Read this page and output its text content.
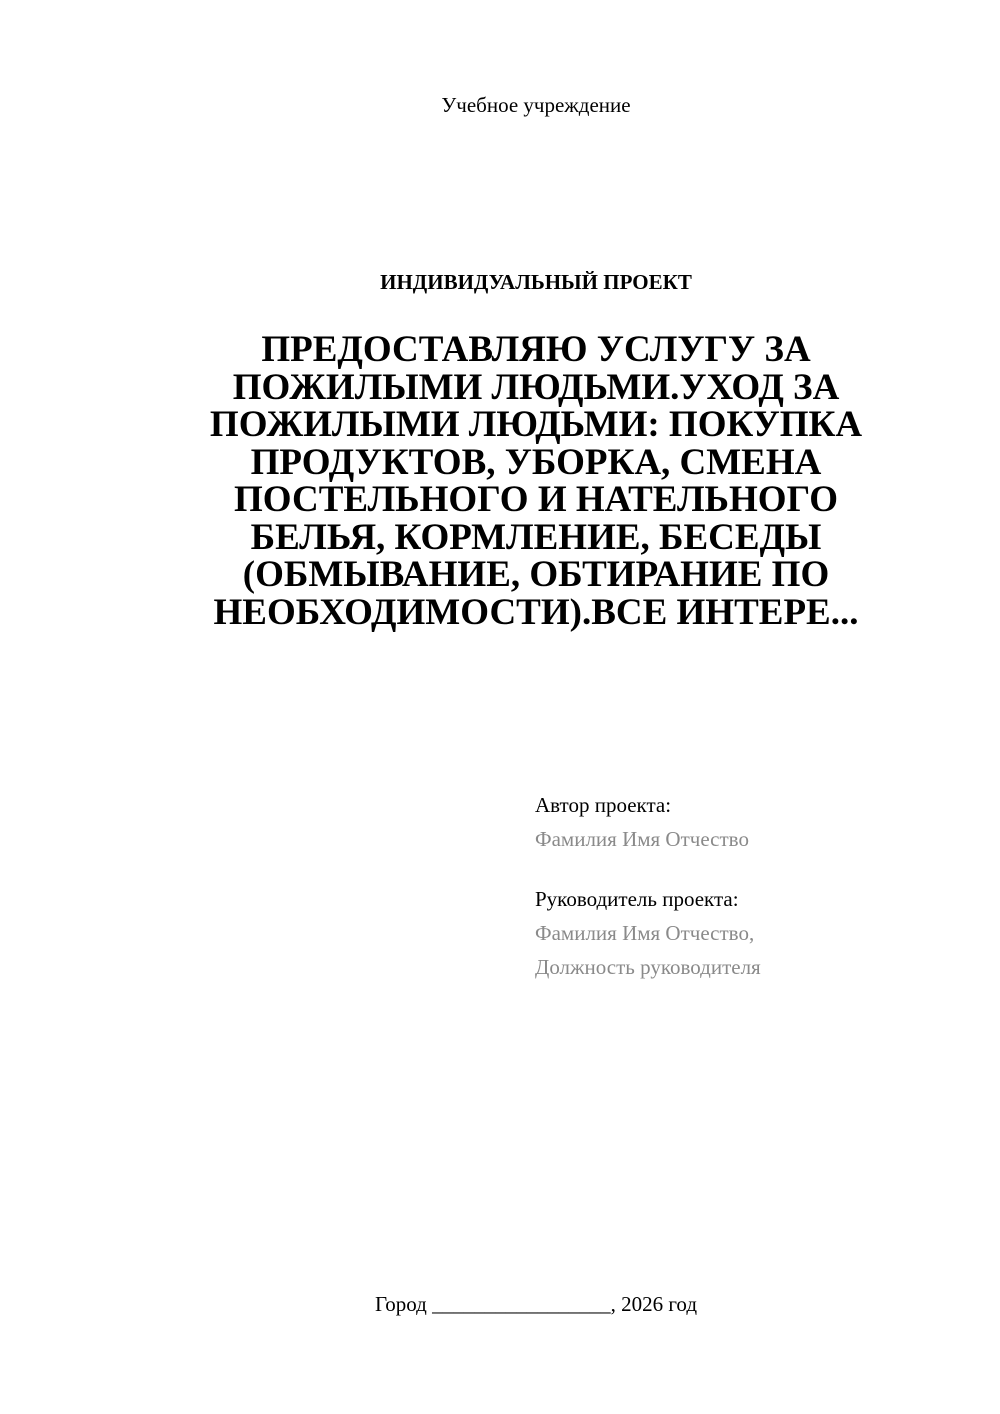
Учебное учреждение
ИНДИВИДУАЛЬНЫЙ ПРОЕКТ
ПРЕДОСТАВЛЯЮ УСЛУГУ ЗА
ПОЖИЛЫМИ ЛЮДЬМИ.УХОД ЗА
ПОЖИЛЫМИ ЛЮДЬМИ: ПОКУПКА
ПРОДУКТОВ, УБОРКА, СМЕНА
ПОСТЕЛЬНОГО И НАТЕЛЬНОГО
БЕЛЬЯ, КОРМЛЕНИЕ, БЕСЕДЫ
(ОБМЫВАНИЕ, ОБТИРАНИЕ ПО
НЕОБХОДИМОСТИ).ВСЕ ИНТЕРЕ...
Автор проекта:
Фамилия Имя Отчество
Руководитель проекта:
Фамилия Имя Отчество,
Должность руководителя
Город _________________, 2026 год
